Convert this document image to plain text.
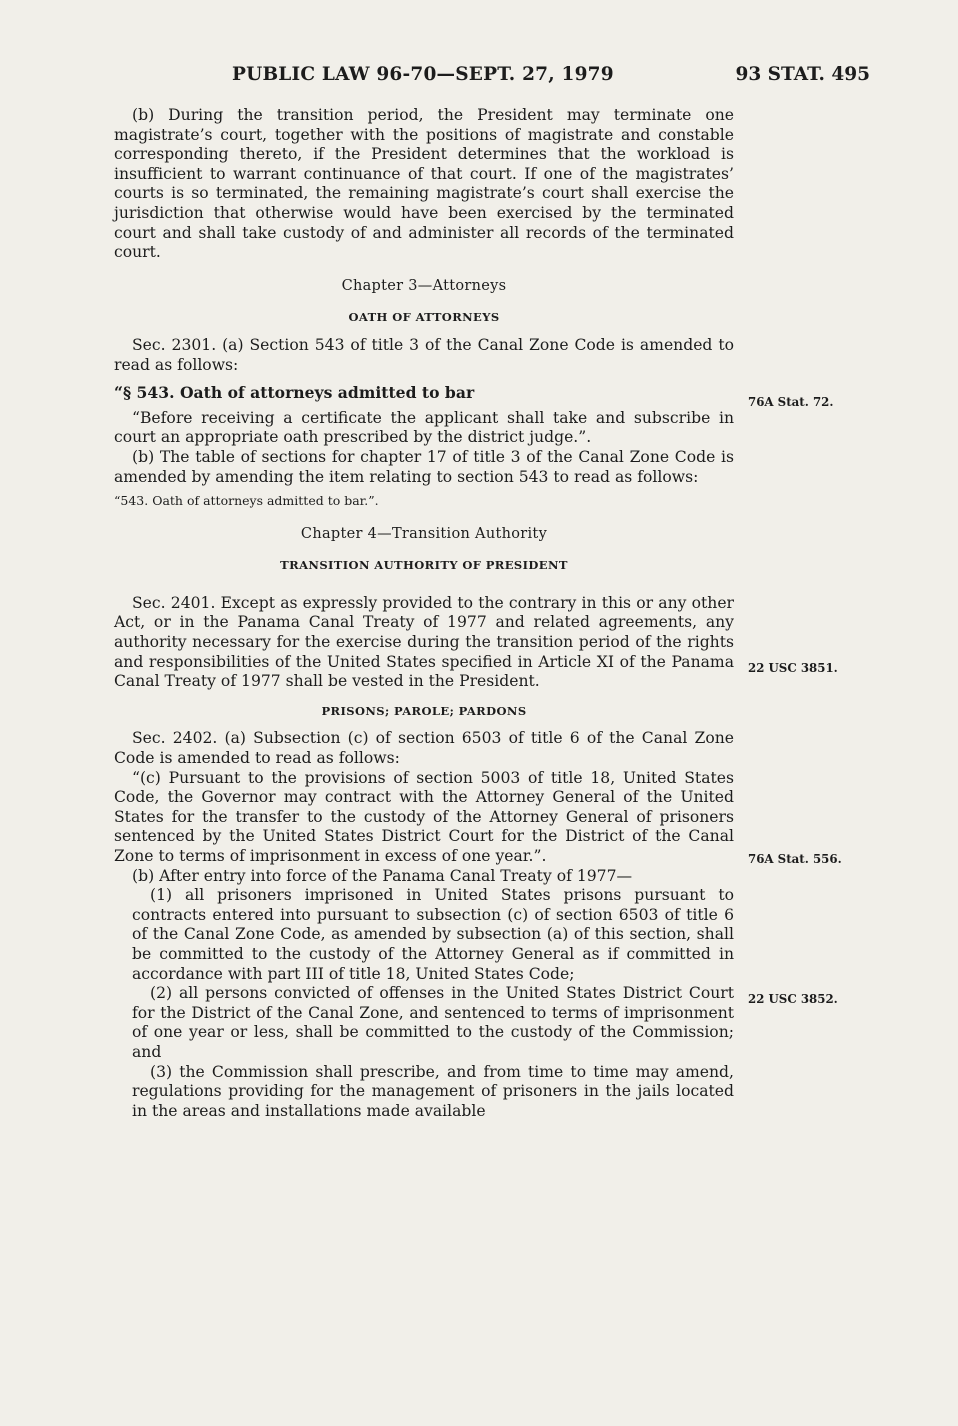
PUBLIC LAW 96-70—SEPT. 27, 1979	93 STAT. 495

(b) During the transition period, the President may terminate one magistrate’s court, together with the positions of magistrate and constable corresponding thereto, if the President determines that the workload is insufficient to warrant continuance of that court. If one of the magistrates’ courts is so terminated, the remaining magistrate’s court shall exercise the jurisdiction that otherwise would have been exercised by the terminated court and shall take custody of and administer all records of the terminated court.

Chapter 3—Attorneys

OATH OF ATTORNEYS

Sec. 2301. (a) Section 543 of title 3 of the Canal Zone Code is amended to read as follows:

“§ 543. Oath of attorneys admitted to bar

“Before receiving a certificate the applicant shall take and subscribe in court an appropriate oath prescribed by the district judge.”.

(b) The table of sections for chapter 17 of title 3 of the Canal Zone Code is amended by amending the item relating to section 543 to read as follows:

“543. Oath of attorneys admitted to bar.”.

Chapter 4—Transition Authority

TRANSITION AUTHORITY OF PRESIDENT

Sec. 2401. Except as expressly provided to the contrary in this or any other Act, or in the Panama Canal Treaty of 1977 and related agreements, any authority necessary for the exercise during the transition period of the rights and responsibilities of the United States specified in Article XI of the Panama Canal Treaty of 1977 shall be vested in the President.

PRISONS; PAROLE; PARDONS

Sec. 2402. (a) Subsection (c) of section 6503 of title 6 of the Canal Zone Code is amended to read as follows:

“(c) Pursuant to the provisions of section 5003 of title 18, United States Code, the Governor may contract with the Attorney General of the United States for the transfer to the custody of the Attorney General of prisoners sentenced by the United States District Court for the District of the Canal Zone to terms of imprisonment in excess of one year.”.

(b) After entry into force of the Panama Canal Treaty of 1977—

(1) all prisoners imprisoned in United States prisons pursuant to contracts entered into pursuant to subsection (c) of section 6503 of title 6 of the Canal Zone Code, as amended by subsection (a) of this section, shall be committed to the custody of the Attorney General as if committed in accordance with part III of title 18, United States Code;

(2) all persons convicted of offenses in the United States District Court for the District of the Canal Zone, and sentenced to terms of imprisonment of one year or less, shall be committed to the custody of the Commission; and

(3) the Commission shall prescribe, and from time to time may amend, regulations providing for the management of prisoners in the jails located in the areas and installations made available

76A Stat. 72.
22 USC 3851.
76A Stat. 556.
22 USC 3852.
